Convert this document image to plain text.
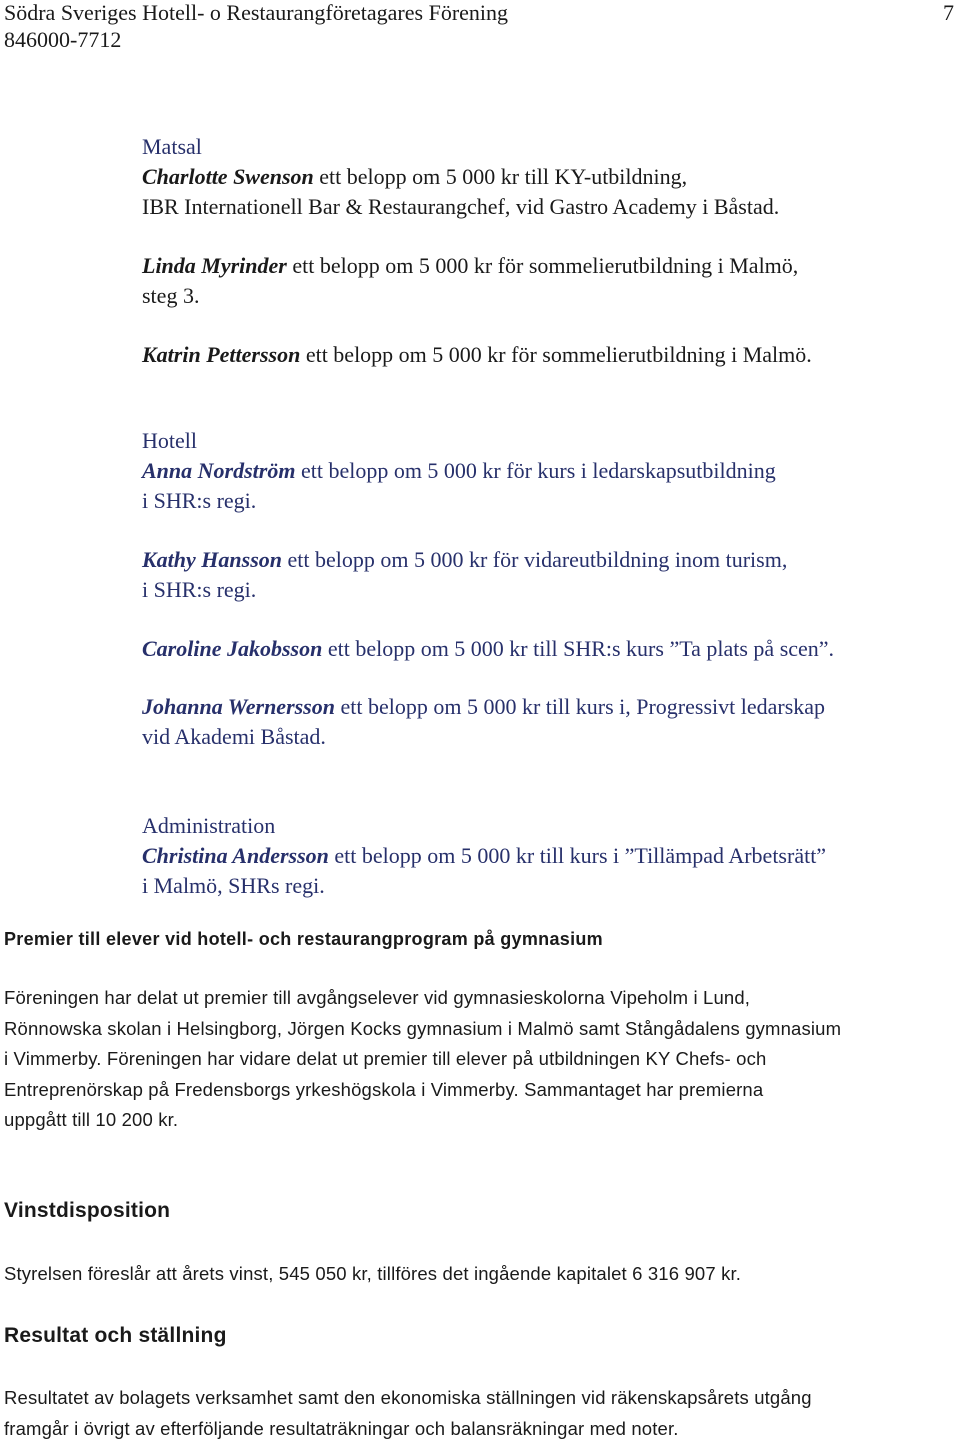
Södra Sveriges Hotell- o Restaurangföretagares Förening
846000-7712
7
Matsal
Charlotte Swenson ett belopp om 5 000 kr till KY-utbildning,
IBR Internationell Bar & Restaurangchef, vid Gastro Academy i Båstad.
Linda Myrinder ett belopp om 5 000 kr för sommelierutbildning i Malmö,
steg 3.
Katrin Pettersson ett belopp om 5 000 kr för sommelierutbildning i Malmö.
Hotell
Anna Nordström ett belopp om 5 000 kr för kurs i ledarskapsutbildning
i SHR:s regi.
Kathy Hansson ett belopp om 5 000 kr för vidareutbildning inom turism,
i SHR:s regi.
Caroline Jakobsson ett belopp om 5 000 kr till SHR:s kurs ”Ta plats på scen”.
Johanna Wernersson ett belopp om 5 000 kr till kurs i, Progressivt ledarskap
vid Akademi Båstad.
Administration
Christina Andersson ett belopp om 5 000 kr till kurs i ”Tillämpad Arbetsrätt”
i Malmö, SHRs regi.
Premier till elever vid hotell- och restaurangprogram på gymnasium
Föreningen har delat ut premier till avgångselever vid gymnasieskolorna Vipeholm i Lund,
Rönnowska skolan i Helsingborg, Jörgen Kocks gymnasium i Malmö samt Stångådalens gymnasium
i Vimmerby. Föreningen har vidare delat ut premier till elever på utbildningen KY Chefs- och
Entreprenörskap på Fredensborgs yrkeshögskola i Vimmerby. Sammantaget har premierna
uppgått till 10 200 kr.
Vinstdisposition
Styrelsen föreslår att årets vinst, 545 050 kr, tillföres det ingående kapitalet 6 316 907 kr.
Resultat och ställning
Resultatet av bolagets verksamhet samt den ekonomiska ställningen vid räkenskapsårets utgång
framgår i övrigt av efterföljande resultaträkningar och balansräkningar med noter.
